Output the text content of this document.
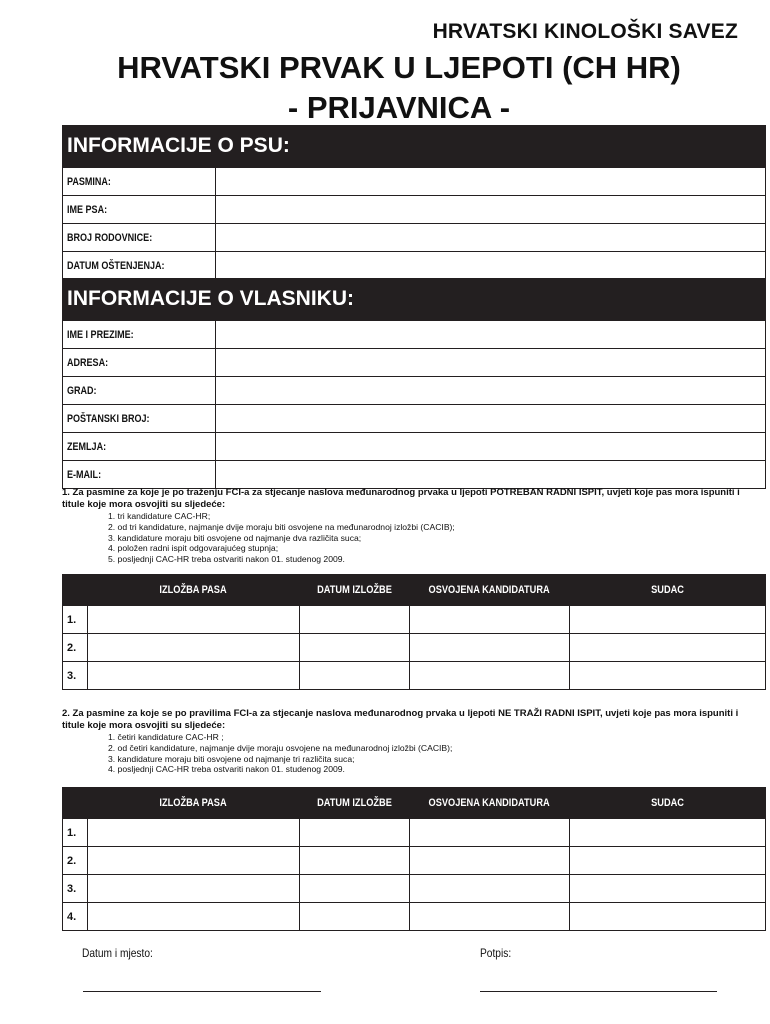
HRVATSKI KINOLOŠKI SAVEZ
HRVATSKI PRVAK U LJEPOTI (CH HR)
- PRIJAVNICA -
INFORMACIJE O PSU:
PASMINA:	
IME PSA:	
BROJ RODOVNICE:	
DATUM OŠTENJENJA:	
INFORMACIJE O VLASNIKU:
IME I PREZIME:	
ADRESA:	
GRAD:	
POŠTANSKI BROJ:	
ZEMLJA:	
E-MAIL:	

1. Za pasmine za koje je po traženju FCI-a za stjecanje naslova međunarodnog prvaka u ljepoti POTREBAN RADNI ISPIT, uvjeti koje pas mora ispuniti i titule koje mora osvojiti su sljedeće:

1. tri kandidature CAC-HR;
2. od tri kandidature, najmanje dvije moraju biti osvojene na međunarodnoj izložbi (CACIB);
3. kandidature moraju biti osvojene od najmanje dva različita suca;
4. položen radni ispit odgovarajućeg stupnja;
5. posljednji CAC-HR treba ostvariti nakon 01. studenog 2009.
	IZLOŽBA PASA	DATUM IZLOŽBE	OSVOJENA KANDIDATURA	SUDAC
1.				
2.				
3.				

2. Za pasmine za koje se po pravilima FCI-a za stjecanje naslova međunarodnog prvaka u ljepoti NE TRAŽI RADNI ISPIT, uvjeti koje pas mora ispuniti i titule koje mora osvojiti su sljedeće:

1. četiri kandidature CAC-HR ;
2. od četiri kandidature, najmanje dvije moraju osvojene na međunarodnoj izložbi (CACIB);
3. kandidature moraju biti osvojene od najmanje tri različita suca;
4. posljednji CAC-HR treba ostvariti nakon 01. studenog 2009.
	IZLOŽBA PASA	DATUM IZLOŽBE	OSVOJENA KANDIDATURA	SUDAC
1.				
2.				
3.				
4.				
Datum i mjesto:	Potpis:
